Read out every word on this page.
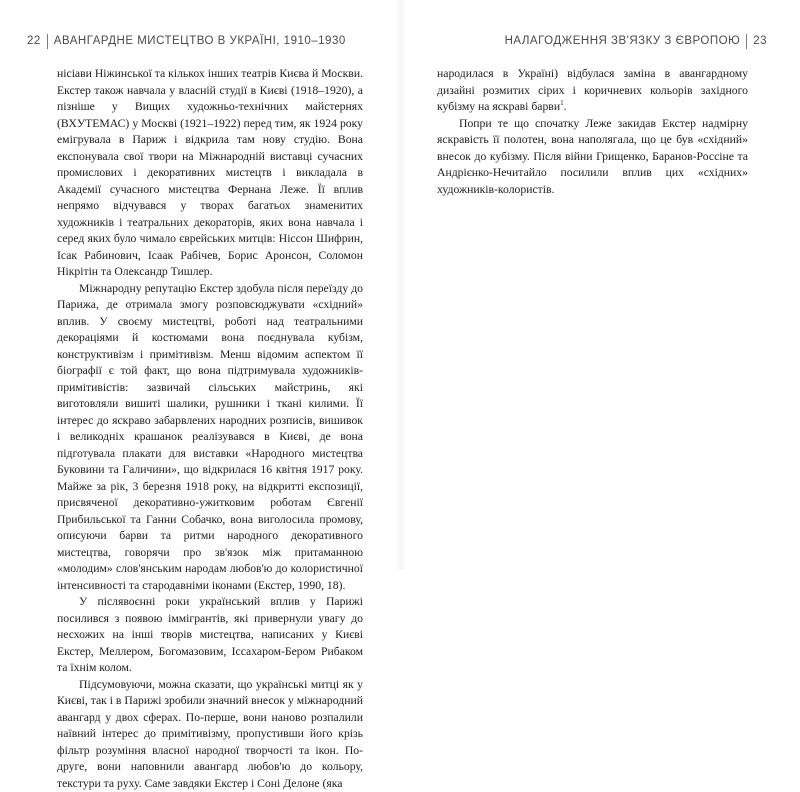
22 АВАНГАРДНЕ МИСТЕЦТВО В УКРАЇНІ, 1910–1930

нісіави Ніжинської та кількох інших театрів Києва й Москви. Екстер також навчала у власній студії в Києві (1918–1920), а пізніше у Вищих художньо-технічних майстернях (ВХУТЕМАС) у Москві (1921–1922) перед тим, як 1924 року емігрувала в Париж і відкрила там нову студію. Вона експонувала свої твори на Міжнародній виставці сучасних промислових і декоративних мистецтв і викладала в Академії сучасного мистецтва Фернана Леже. Її вплив непрямо відчувався у творах багатьох знаменитих художників і театральних декораторів, яких вона навчала і серед яких було чимало єврейських митців: Ніссон Шифрин, Ісак Рабинович, Ісаак Рабічев, Борис Аронсон, Соломон Нікрітін та Олександр Тишлер.

Міжнародну репутацію Екстер здобула після переїзду до Парижа, де отримала змогу розповсюджувати «східний» вплив. У своєму мистецтві, роботі над театральними декораціями й костюмами вона поєднувала кубізм, конструктивізм і примітивізм. Менш відомим аспектом її біографії є той факт, що вона підтримувала художників-примітивістів: зазвичай сільських майстринь, які виготовляли вишиті шалики, рушники і ткані килими. Її інтерес до яскраво забарвлених народних розписів, вишивок і великодніх крашанок реалізувався в Києві, де вона підготувала плакати для виставки «Народного мистецтва Буковини та Галичини», що відкрилася 16 квітня 1917 року. Майже за рік, 3 березня 1918 року, на відкритті експозиції, присвяченої декоративно-ужитковим роботам Євгенії Прибильської та Ганни Собачко, вона виголосила промову, описуючи барви та ритми народного декоративного мистецтва, говорячи про зв'язок між притаманною «молодим» слов'янським народам любов'ю до колористичної інтенсивності та стародавніми іконами (Екстер, 1990, 18).

У післявоєнні роки український вплив у Парижі посилився з появою іммігрантів, які привернули увагу до несхожих на інші творів мистецтва, написаних у Києві Екстер, Меллером, Богомазовим, Іссахаром-Бером Рибаком та їхнім колом.

Підсумовуючи, можна сказати, що українські митці як у Києві, так і в Парижі зробили значний внесок у міжнародний авангард у двох сферах. По-перше, вони наново розпалили наївний інтерес до примітивізму, пропустивши його крізь фільтр розуміння власної народної творчості та ікон. По-друге, вони наповнили авангард любов'ю до кольору, текстури та руху. Саме завдяки Екстер і Соні Делоне (яка

НАЛАГОДЖЕННЯ ЗВ'ЯЗКУ З ЄВРОПОЮ 23

народилася в Україні) відбулася заміна в авангардному дизайні розмитих сірих і коричневих кольорів західного кубізму на яскраві барви$^1$.

Попри те що спочатку Леже закидав Екстер надмірну яскравість її полотен, вона наполягала, що це був «східний» внесок до кубізму. Після війни Грищенко, Баранов-Россіне та Андрієнко-Нечитайло посилили вплив цих «східних» художників-колористів.
